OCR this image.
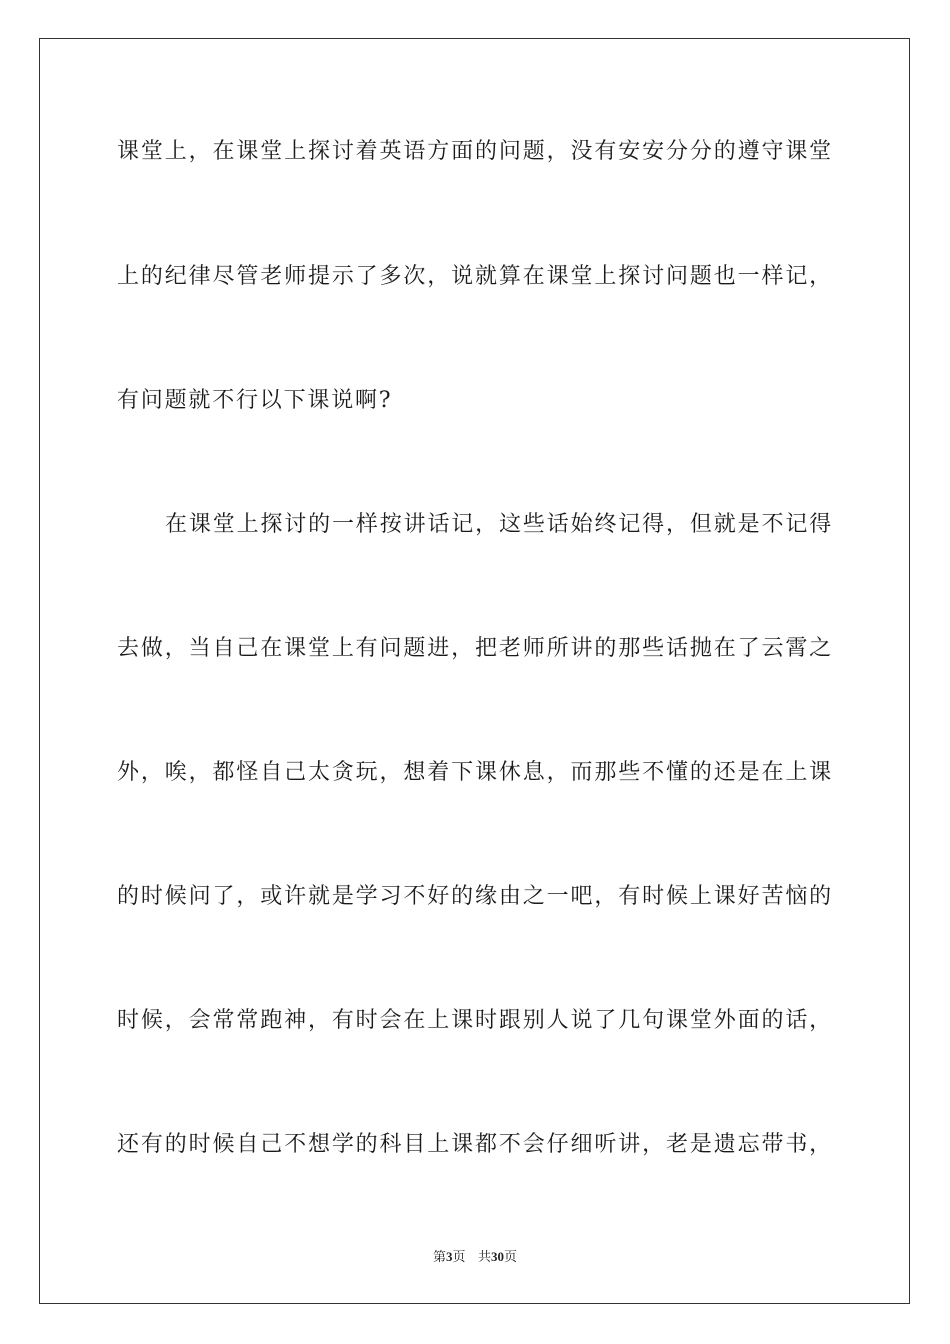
课堂上，在课堂上探讨着英语方面的问题，没有安安分分的遵守课堂
上的纪律尽管老师提示了多次，说就算在课堂上探讨问题也一样记，
有问题就不行以下课说啊?
在课堂上探讨的一样按讲话记，这些话始终记得，但就是不记得
去做，当自己在课堂上有问题进，把老师所讲的那些话抛在了云霄之
外，唉，都怪自己太贪玩，想着下课休息，而那些不懂的还是在上课
的时候问了，或许就是学习不好的缘由之一吧，有时候上课好苦恼的
时候，会常常跑神，有时会在上课时跟别人说了几句课堂外面的话，
还有的时候自己不想学的科目上课都不会仔细听讲，老是遗忘带书，
第3页 共30页
